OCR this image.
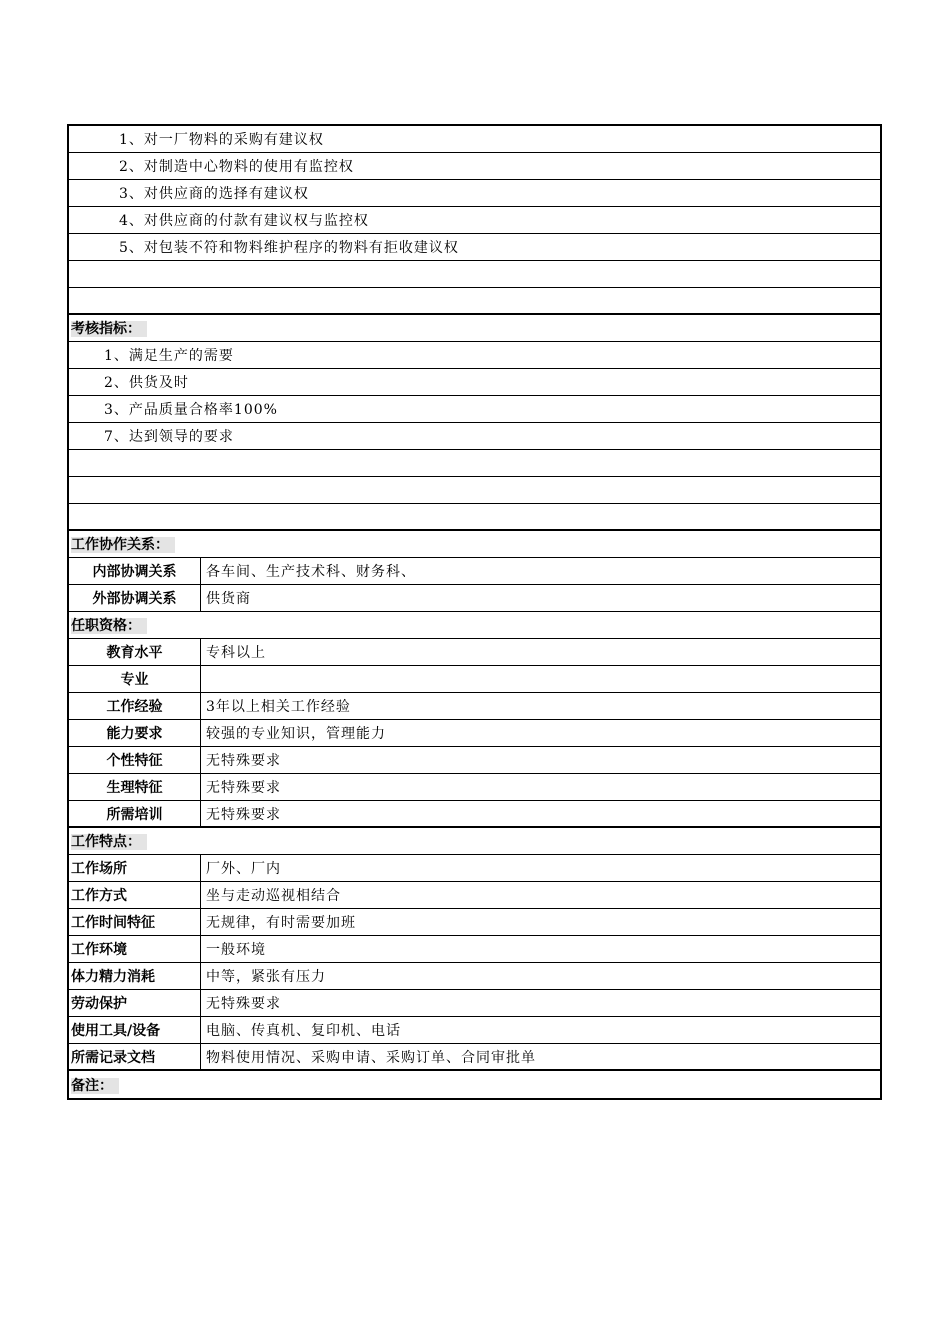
1、对一厂物料的采购有建议权
2、对制造中心物料的使用有监控权
3、对供应商的选择有建议权
4、对供应商的付款有建议权与监控权
5、对包装不符和物料维护程序的物料有拒收建议权
考核指标：
1、满足生产的需要
2、供货及时
3、产品质量合格率100%
7、达到领导的要求
工作协作关系：
内部协调关系	各车间、生产技术科、财务科、
外部协调关系	供货商
任职资格：
教育水平	专科以上
专业
工作经验	3年以上相关工作经验
能力要求	较强的专业知识，管理能力
个性特征	无特殊要求
生理特征	无特殊要求
所需培训	无特殊要求
工作特点：
工作场所	厂外、厂内
工作方式	坐与走动巡视相结合
工作时间特征	无规律，有时需要加班
工作环境	一般环境
体力精力消耗	中等，紧张有压力
劳动保护	无特殊要求
使用工具/设备	电脑、传真机、复印机、电话
所需记录文档	物料使用情况、采购申请、采购订单、合同审批单
备注：
